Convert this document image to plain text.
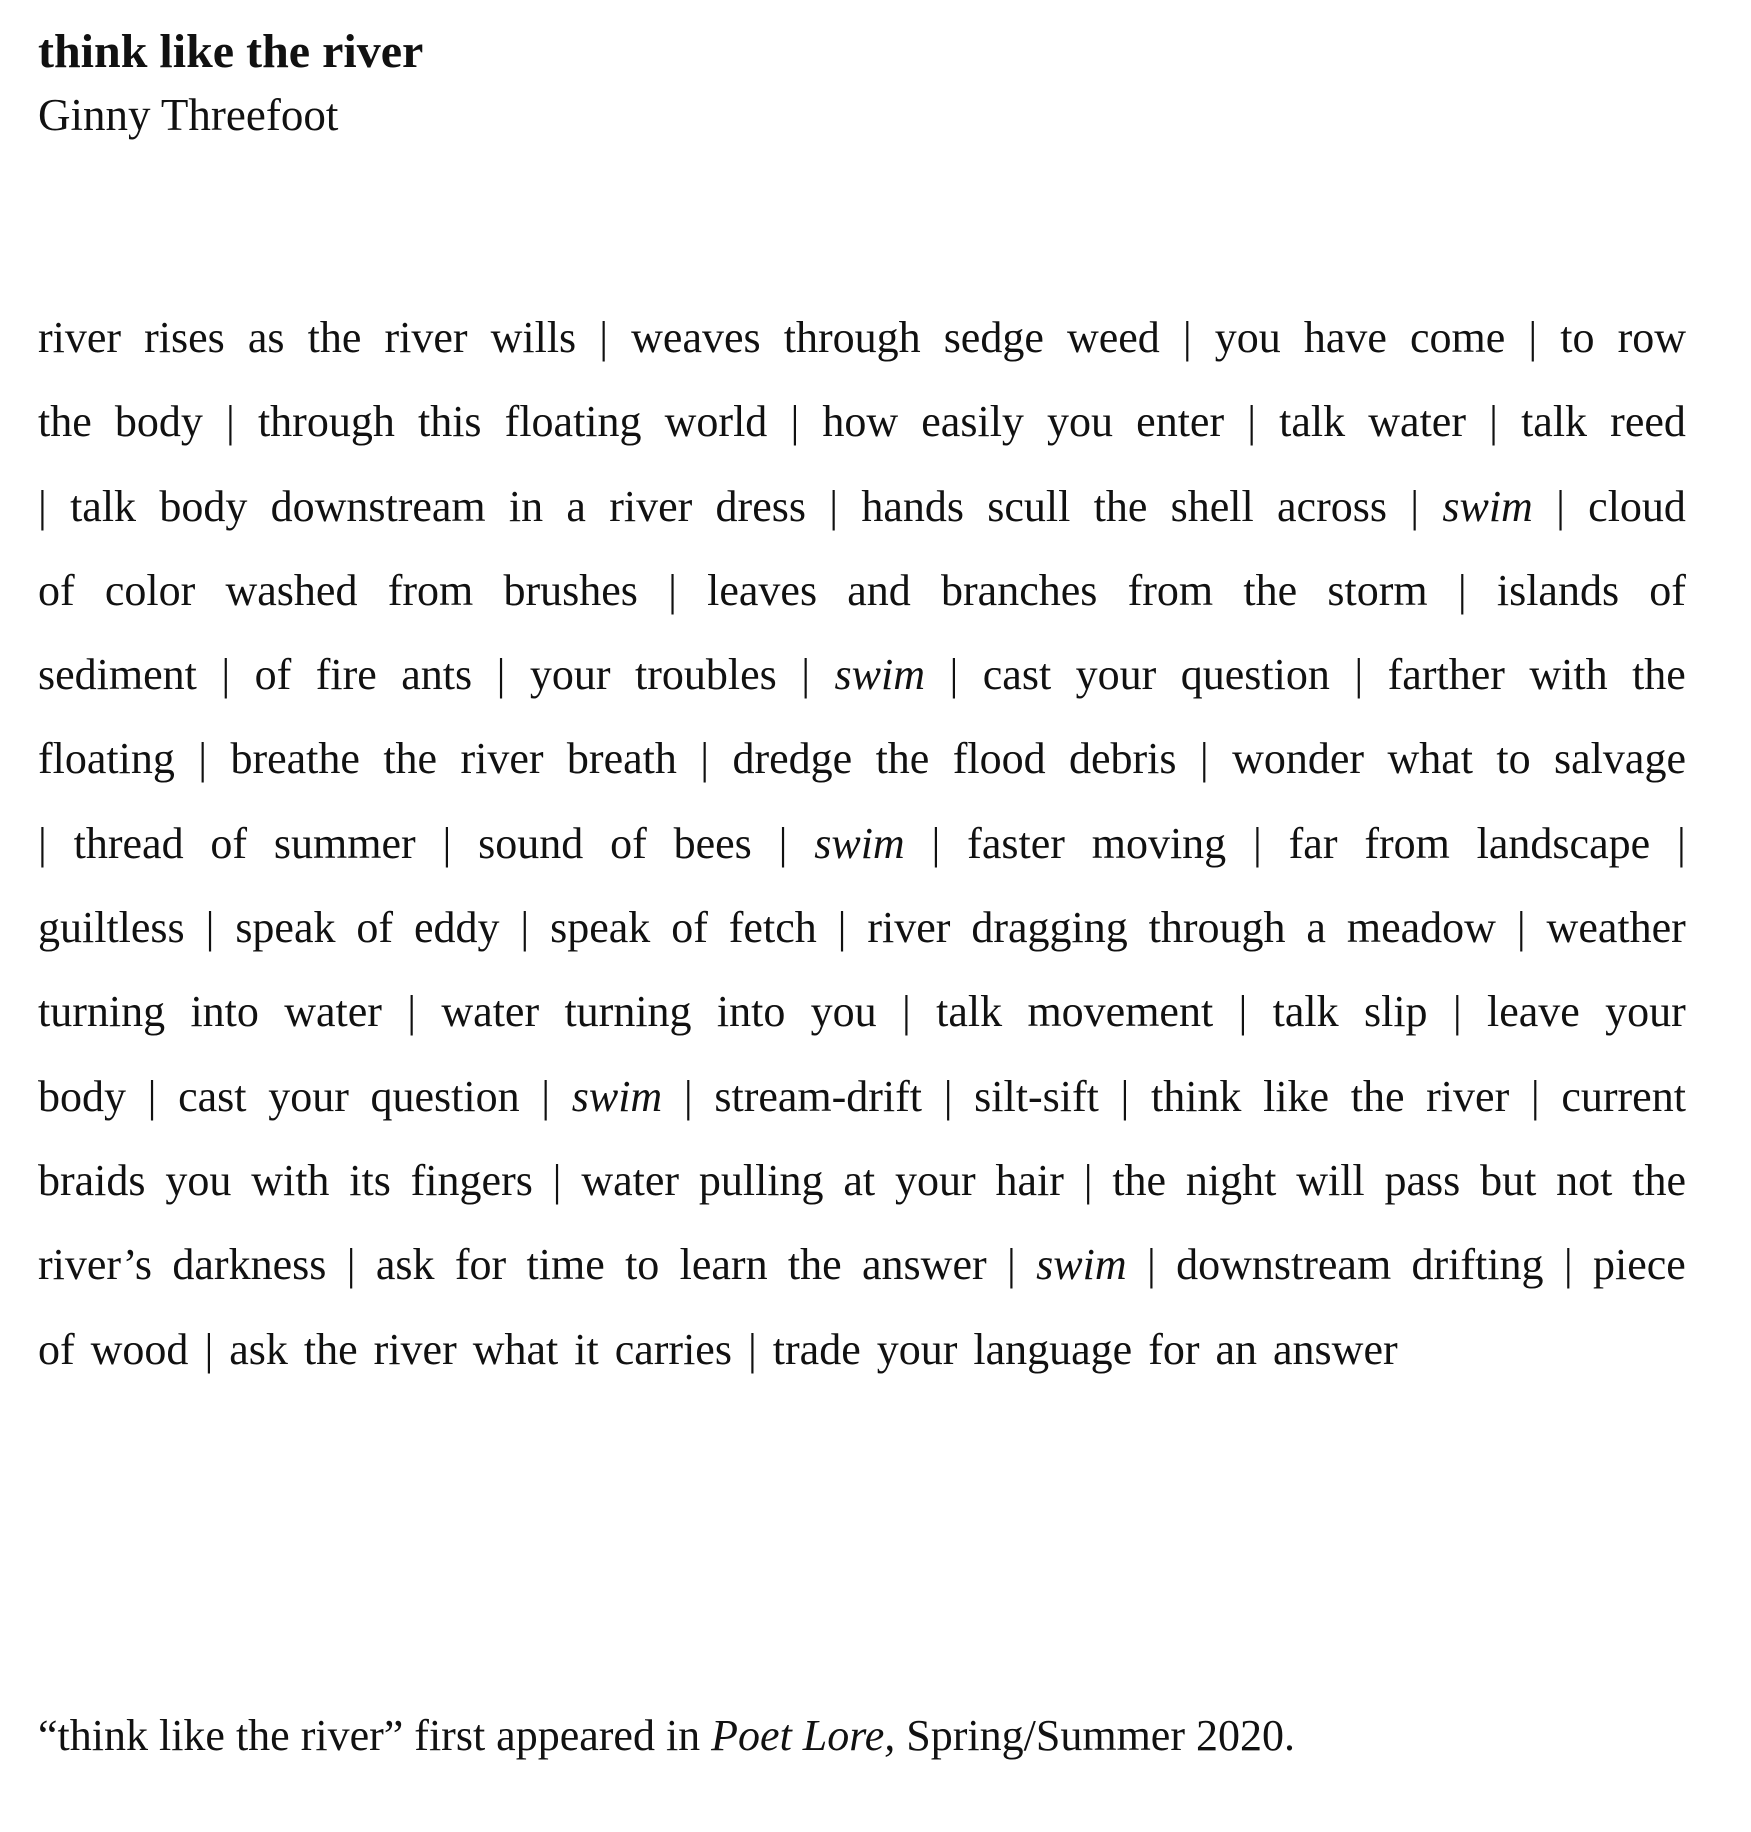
think like the river
Ginny Threefoot
river rises as the river wills | weaves through sedge weed | you have come | to row
the body | through this floating world | how easily you enter | talk water | talk reed
| talk body downstream in a river dress | hands scull the shell across | swim | cloud
of color washed from brushes | leaves and branches from the storm | islands of
sediment | of fire ants | your troubles | swim | cast your question | farther with the
floating | breathe the river breath | dredge the flood debris | wonder what to salvage
| thread of summer | sound of bees | swim | faster moving | far from landscape |
guiltless | speak of eddy | speak of fetch | river dragging through a meadow | weather
turning into water | water turning into you | talk movement | talk slip | leave your
body | cast your question | swim | stream-drift | silt-sift | think like the river | current
braids you with its fingers | water pulling at your hair | the night will pass but not the
river’s darkness | ask for time to learn the answer | swim | downstream drifting | piece
of wood | ask the river what it carries | trade your language for an answer

“think like the river” first appeared in Poet Lore, Spring/Summer 2020.
